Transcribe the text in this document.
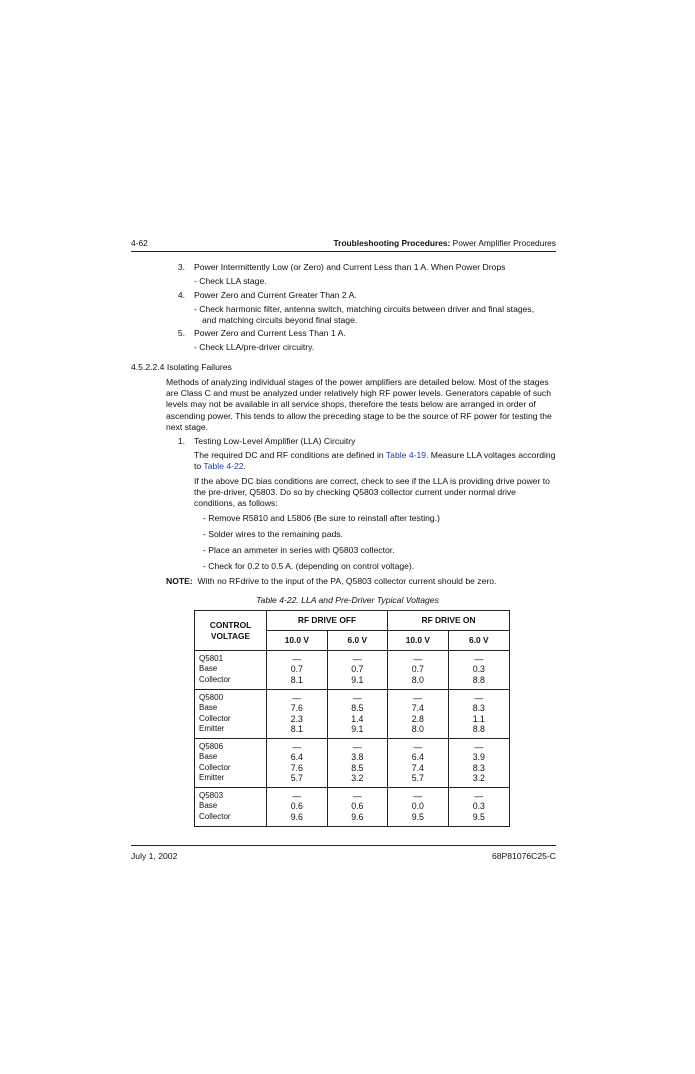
4-62	Troubleshooting Procedures: Power Amplifier Procedures
3. Power Intermittently Low (or Zero) and Current Less than 1 A. When Power Drops
- Check LLA stage.
4. Power Zero and Current Greater Than 2 A.
- Check harmonic filter, antenna switch, matching circuits between driver and final stages,
and matching circuits beyond final stage.
5. Power Zero and Current Less Than 1 A.
- Check LLA/pre-driver circuitry.
4.5.2.2.4 Isolating Failures
Methods of analyzing individual stages of the power amplifiers are detailed below. Most of the stages are Class C and must be analyzed under relatively high RF power levels. Generators capable of such levels may not be available in all service shops, therefore the tests below are arranged in order of ascending power. This tends to allow the preceding stage to be the source of RF power for testing the next stage.
1. Testing Low-Level Amplifier (LLA) Circuitry
The required DC and RF conditions are defined in Table 4-19. Measure LLA voltages according to Table 4-22.
If the above DC bias conditions are correct, check to see if the LLA is providing drive power to the pre-driver, Q5803. Do so by checking Q5803 collector current under normal drive conditions, as follows:
- Remove R5810 and L5806 (Be sure to reinstall after testing.)
- Solder wires to the remaining pads.
- Place an ammeter in series with Q5803 collector.
- Check for 0.2 to 0.5 A. (depending on control voltage).
NOTE: With no RFdrive to the input of the PA, Q5803 collector current should be zero.
Table 4-22. LLA and Pre-Driver Typical Voltages
CONTROL VOLTAGE	RF DRIVE OFF		RF DRIVE ON	
	10.0 V	6.0 V	10.0 V	6.0 V
Q5801
Base
Collector	—
0.7
8.1	—
0.7
9.1	—
0.7
8.0	—
0.3
8.8
Q5800
Base
Collector
Emitter	—
7.6
2.3
8.1	—
8.5
1.4
9.1	—
7.4
2.8
8.0	—
8.3
1.1
8.8
Q5806
Base
Collector
Emitter	—
6.4
7.6
5.7	—
3.8
8.5
3.2	—
6.4
7.4
5.7	—
3.9
8.3
3.2
Q5803
Base
Collector	—
0.6
9.6	—
0.6
9.6	—
0.0
9.5	—
0.3
9.5
July 1, 2002	68P81076C25-C
